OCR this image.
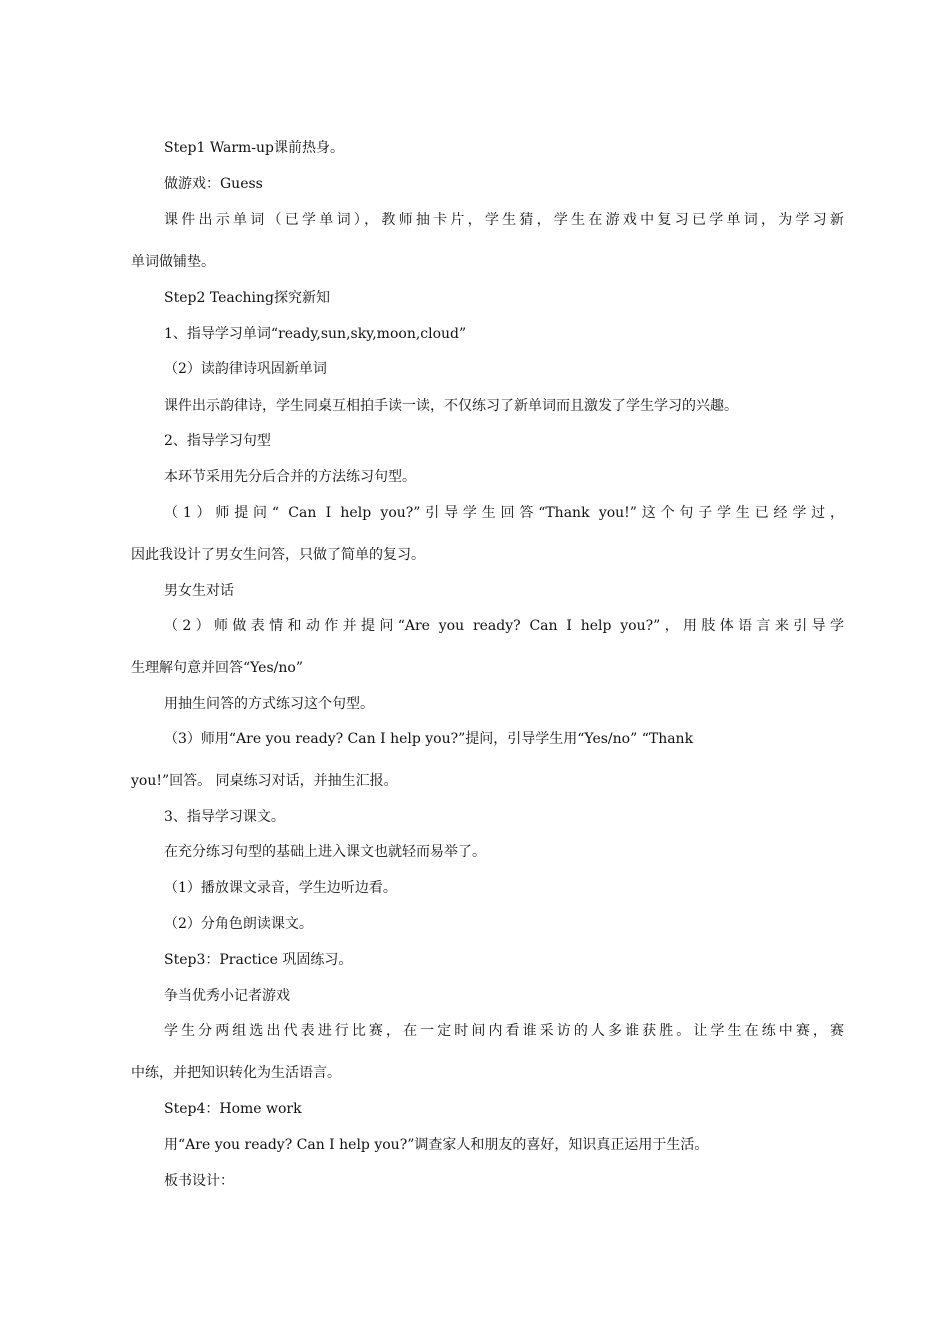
Step1 Warm-up课前热身。

做游戏：Guess

课件出示单词（已学单词），教师抽卡片，学生猜，学生在游戏中复习已学单词，为学习新

单词做铺垫。

Step2 Teaching探究新知

1、指导学习单词“ready,sun,sky,moon,cloud”

（2）读韵律诗巩固新单词

课件出示韵律诗，学生同桌互相拍手读一读，不仅练习了新单词而且激发了学生学习的兴趣。

2、指导学习句型

本环节采用先分后合并的方法练习句型。

（1）师提问“ Can I help you?”引导学生回答“Thank you!”这个句子学生已经学过，

因此我设计了男女生问答，只做了简单的复习。

男女生对话

（2）师做表情和动作并提问“Are you ready? Can I help you?”，用肢体语言来引导学

生理解句意并回答“Yes/no”

用抽生问答的方式练习这个句型。

（3）师用“Are you ready? Can I help you?”提问，引导学生用“Yes/no” “Thank

you!”回答。 同桌练习对话，并抽生汇报。

3、指导学习课文。

在充分练习句型的基础上进入课文也就轻而易举了。

（1）播放课文录音，学生边听边看。

（2）分角色朗读课文。

Step3：Practice 巩固练习。

争当优秀小记者游戏

学生分两组选出代表进行比赛，在一定时间内看谁采访的人多谁获胜。让学生在练中赛，赛

中练，并把知识转化为生活语言。

Step4：Home work

用“Are you ready? Can I help you?”调查家人和朋友的喜好，知识真正运用于生活。

板书设计：
